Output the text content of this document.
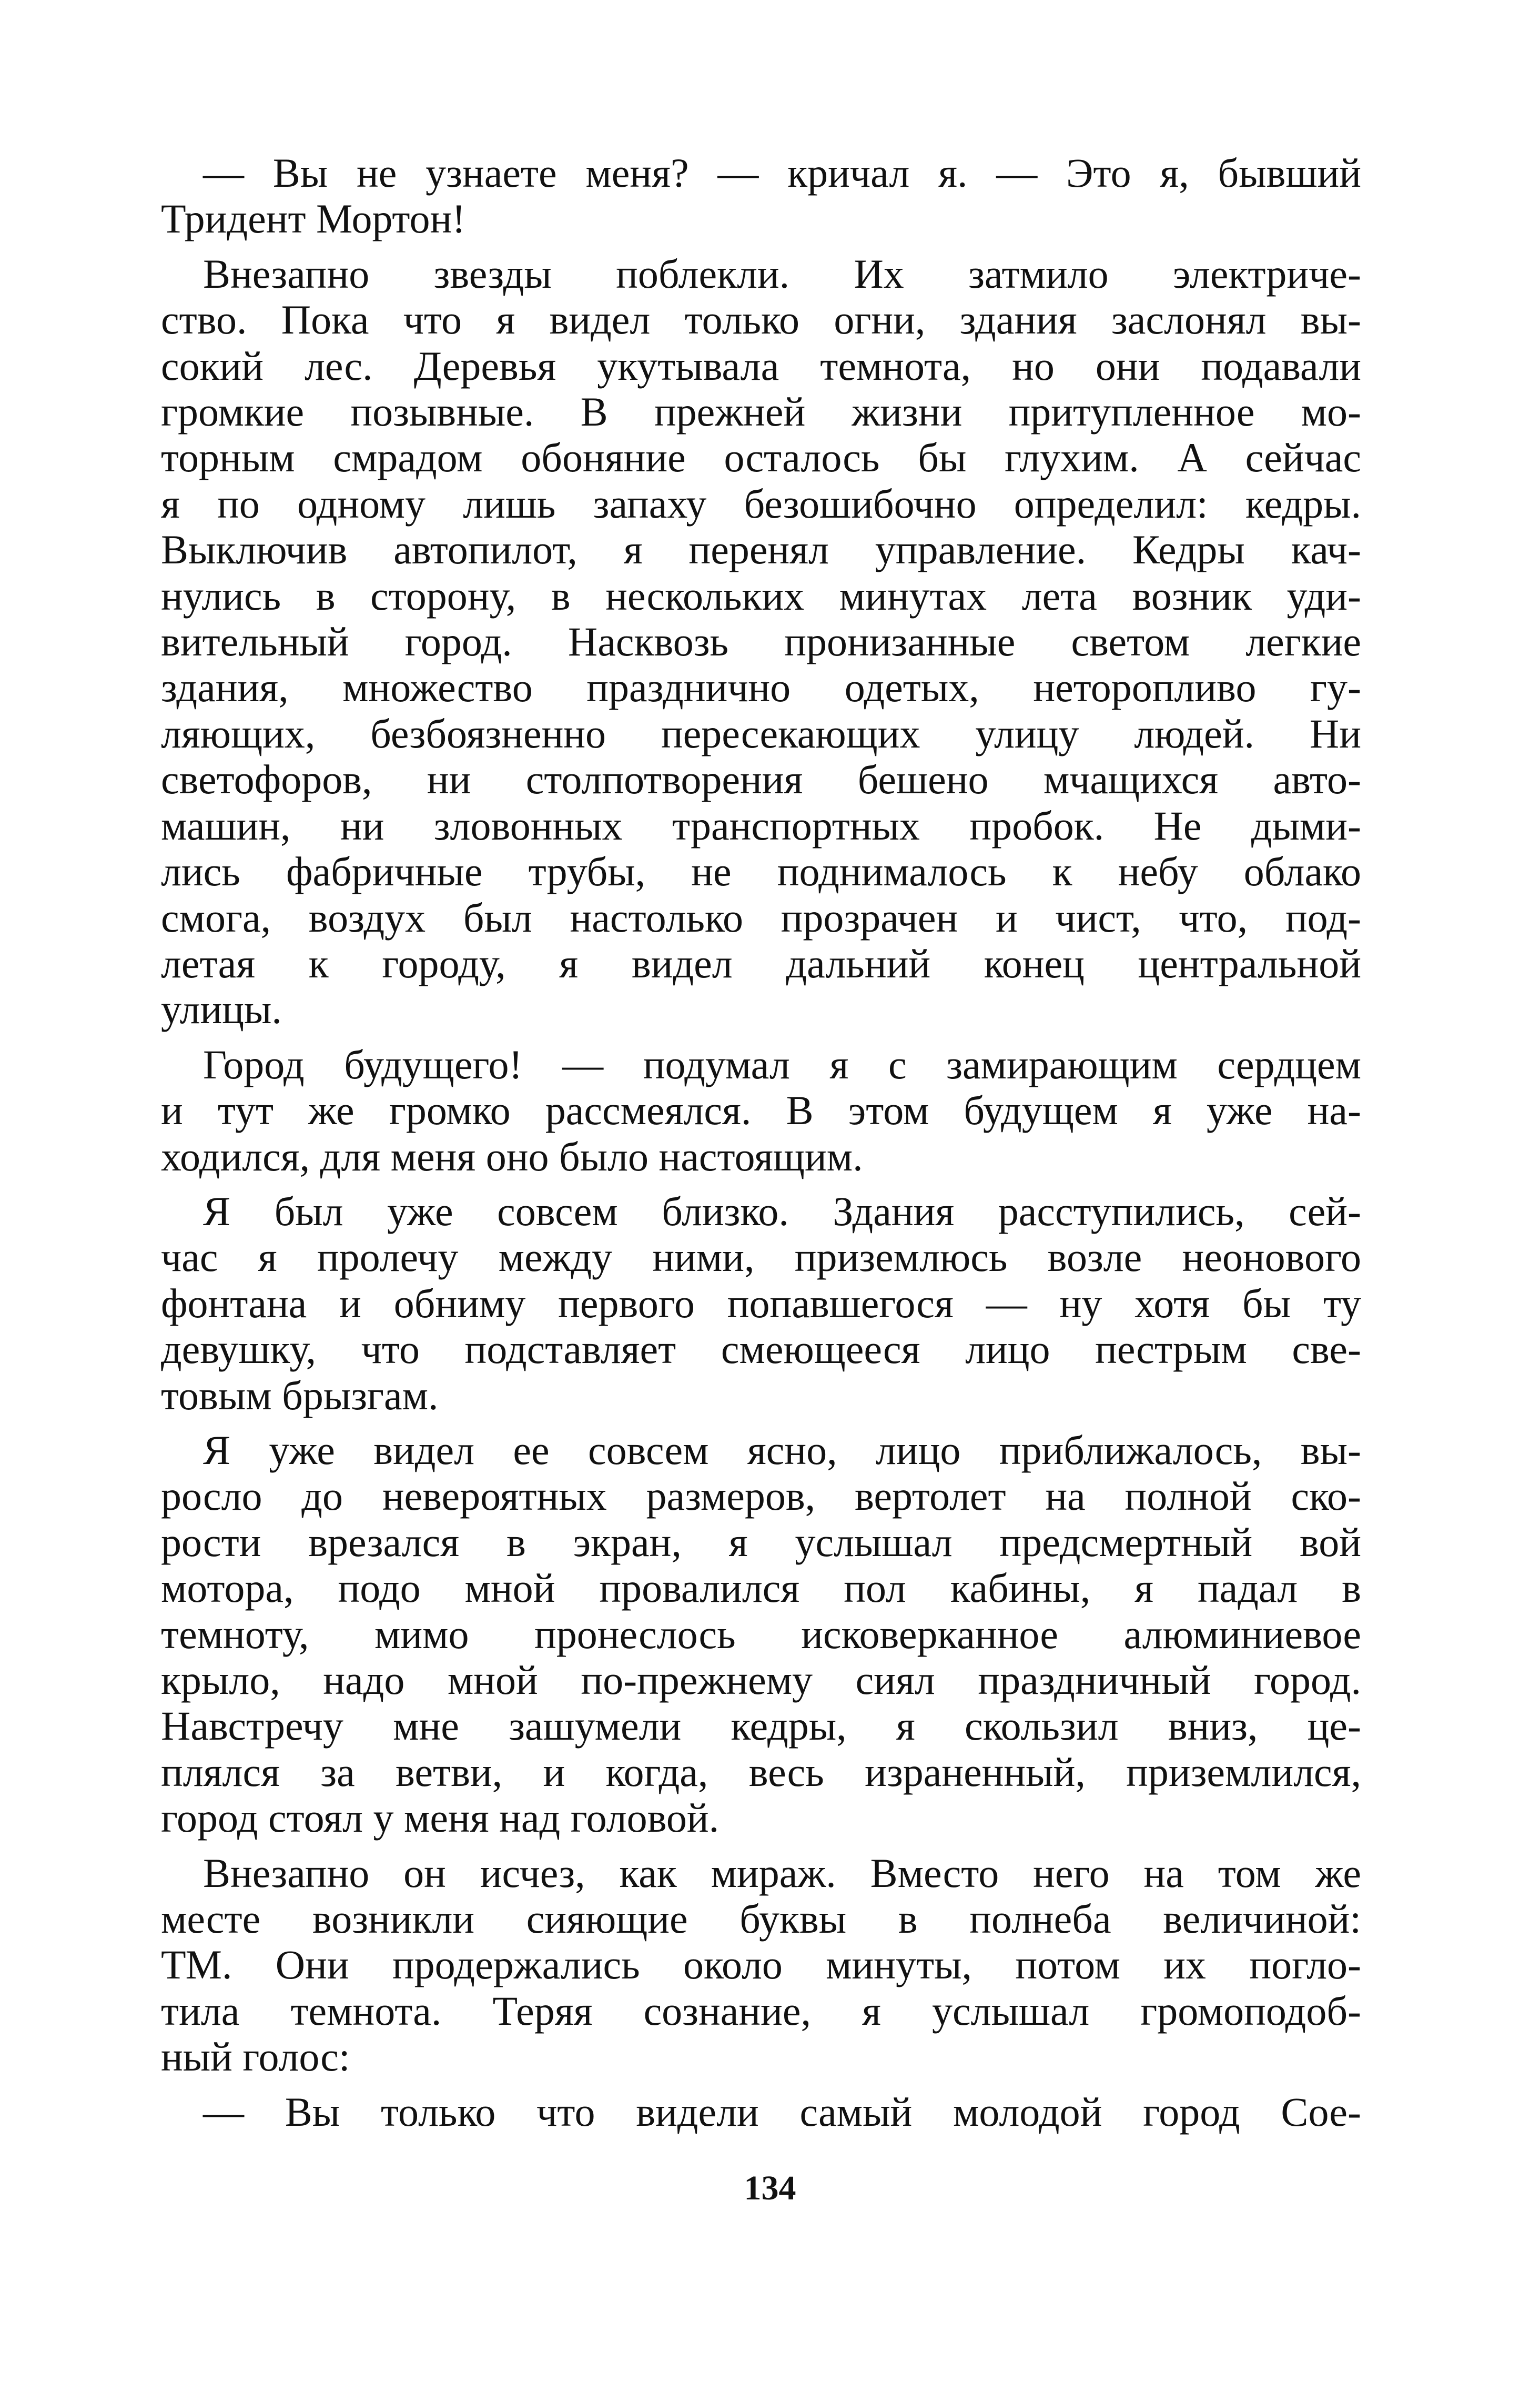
— Вы не узнаете меня? — кричал я. — Это я, бывший
Тридент Мортон!
Внезапно звезды поблекли. Их затмило электриче-
ство. Пока что я видел только огни, здания заслонял вы-
сокий лес. Деревья укутывала темнота, но они подавали
громкие позывные. В прежней жизни притупленное мо-
торным смрадом обоняние осталось бы глухим. А сейчас
я по одному лишь запаху безошибочно определил: кедры.
Выключив автопилот, я перенял управление. Кедры кач-
нулись в сторону, в нескольких минутах лета возник уди-
вительный город. Насквозь пронизанные светом легкие
здания, множество празднично одетых, неторопливо гу-
ляющих, безбоязненно пересекающих улицу людей. Ни
светофоров, ни столпотворения бешено мчащихся авто-
машин, ни зловонных транспортных пробок. Не дыми-
лись фабричные трубы, не поднималось к небу облако
смога, воздух был настолько прозрачен и чист, что, под-
летая к городу, я видел дальний конец центральной
улицы.
Город будущего! — подумал я с замирающим сердцем
и тут же громко рассмеялся. В этом будущем я уже на-
ходился, для меня оно было настоящим.
Я был уже совсем близко. Здания расступились, сей-
час я пролечу между ними, приземлюсь возле неонового
фонтана и обниму первого попавшегося — ну хотя бы ту
девушку, что подставляет смеющееся лицо пестрым све-
товым брызгам.
Я уже видел ее совсем ясно, лицо приближалось, вы-
росло до невероятных размеров, вертолет на полной ско-
рости врезался в экран, я услышал предсмертный вой
мотора, подо мной провалился пол кабины, я падал в
темноту, мимо пронеслось исковерканное алюминиевое
крыло, надо мной по-прежнему сиял праздничный город.
Навстречу мне зашумели кедры, я скользил вниз, це-
плялся за ветви, и когда, весь израненный, приземлился,
город стоял у меня над головой.
Внезапно он исчез, как мираж. Вместо него на том же
месте возникли сияющие буквы в полнеба величиной:
ТМ. Они продержались около минуты, потом их погло-
тила темнота. Теряя сознание, я услышал громоподоб-
ный голос:
— Вы только что видели самый молодой город Сое-
134
